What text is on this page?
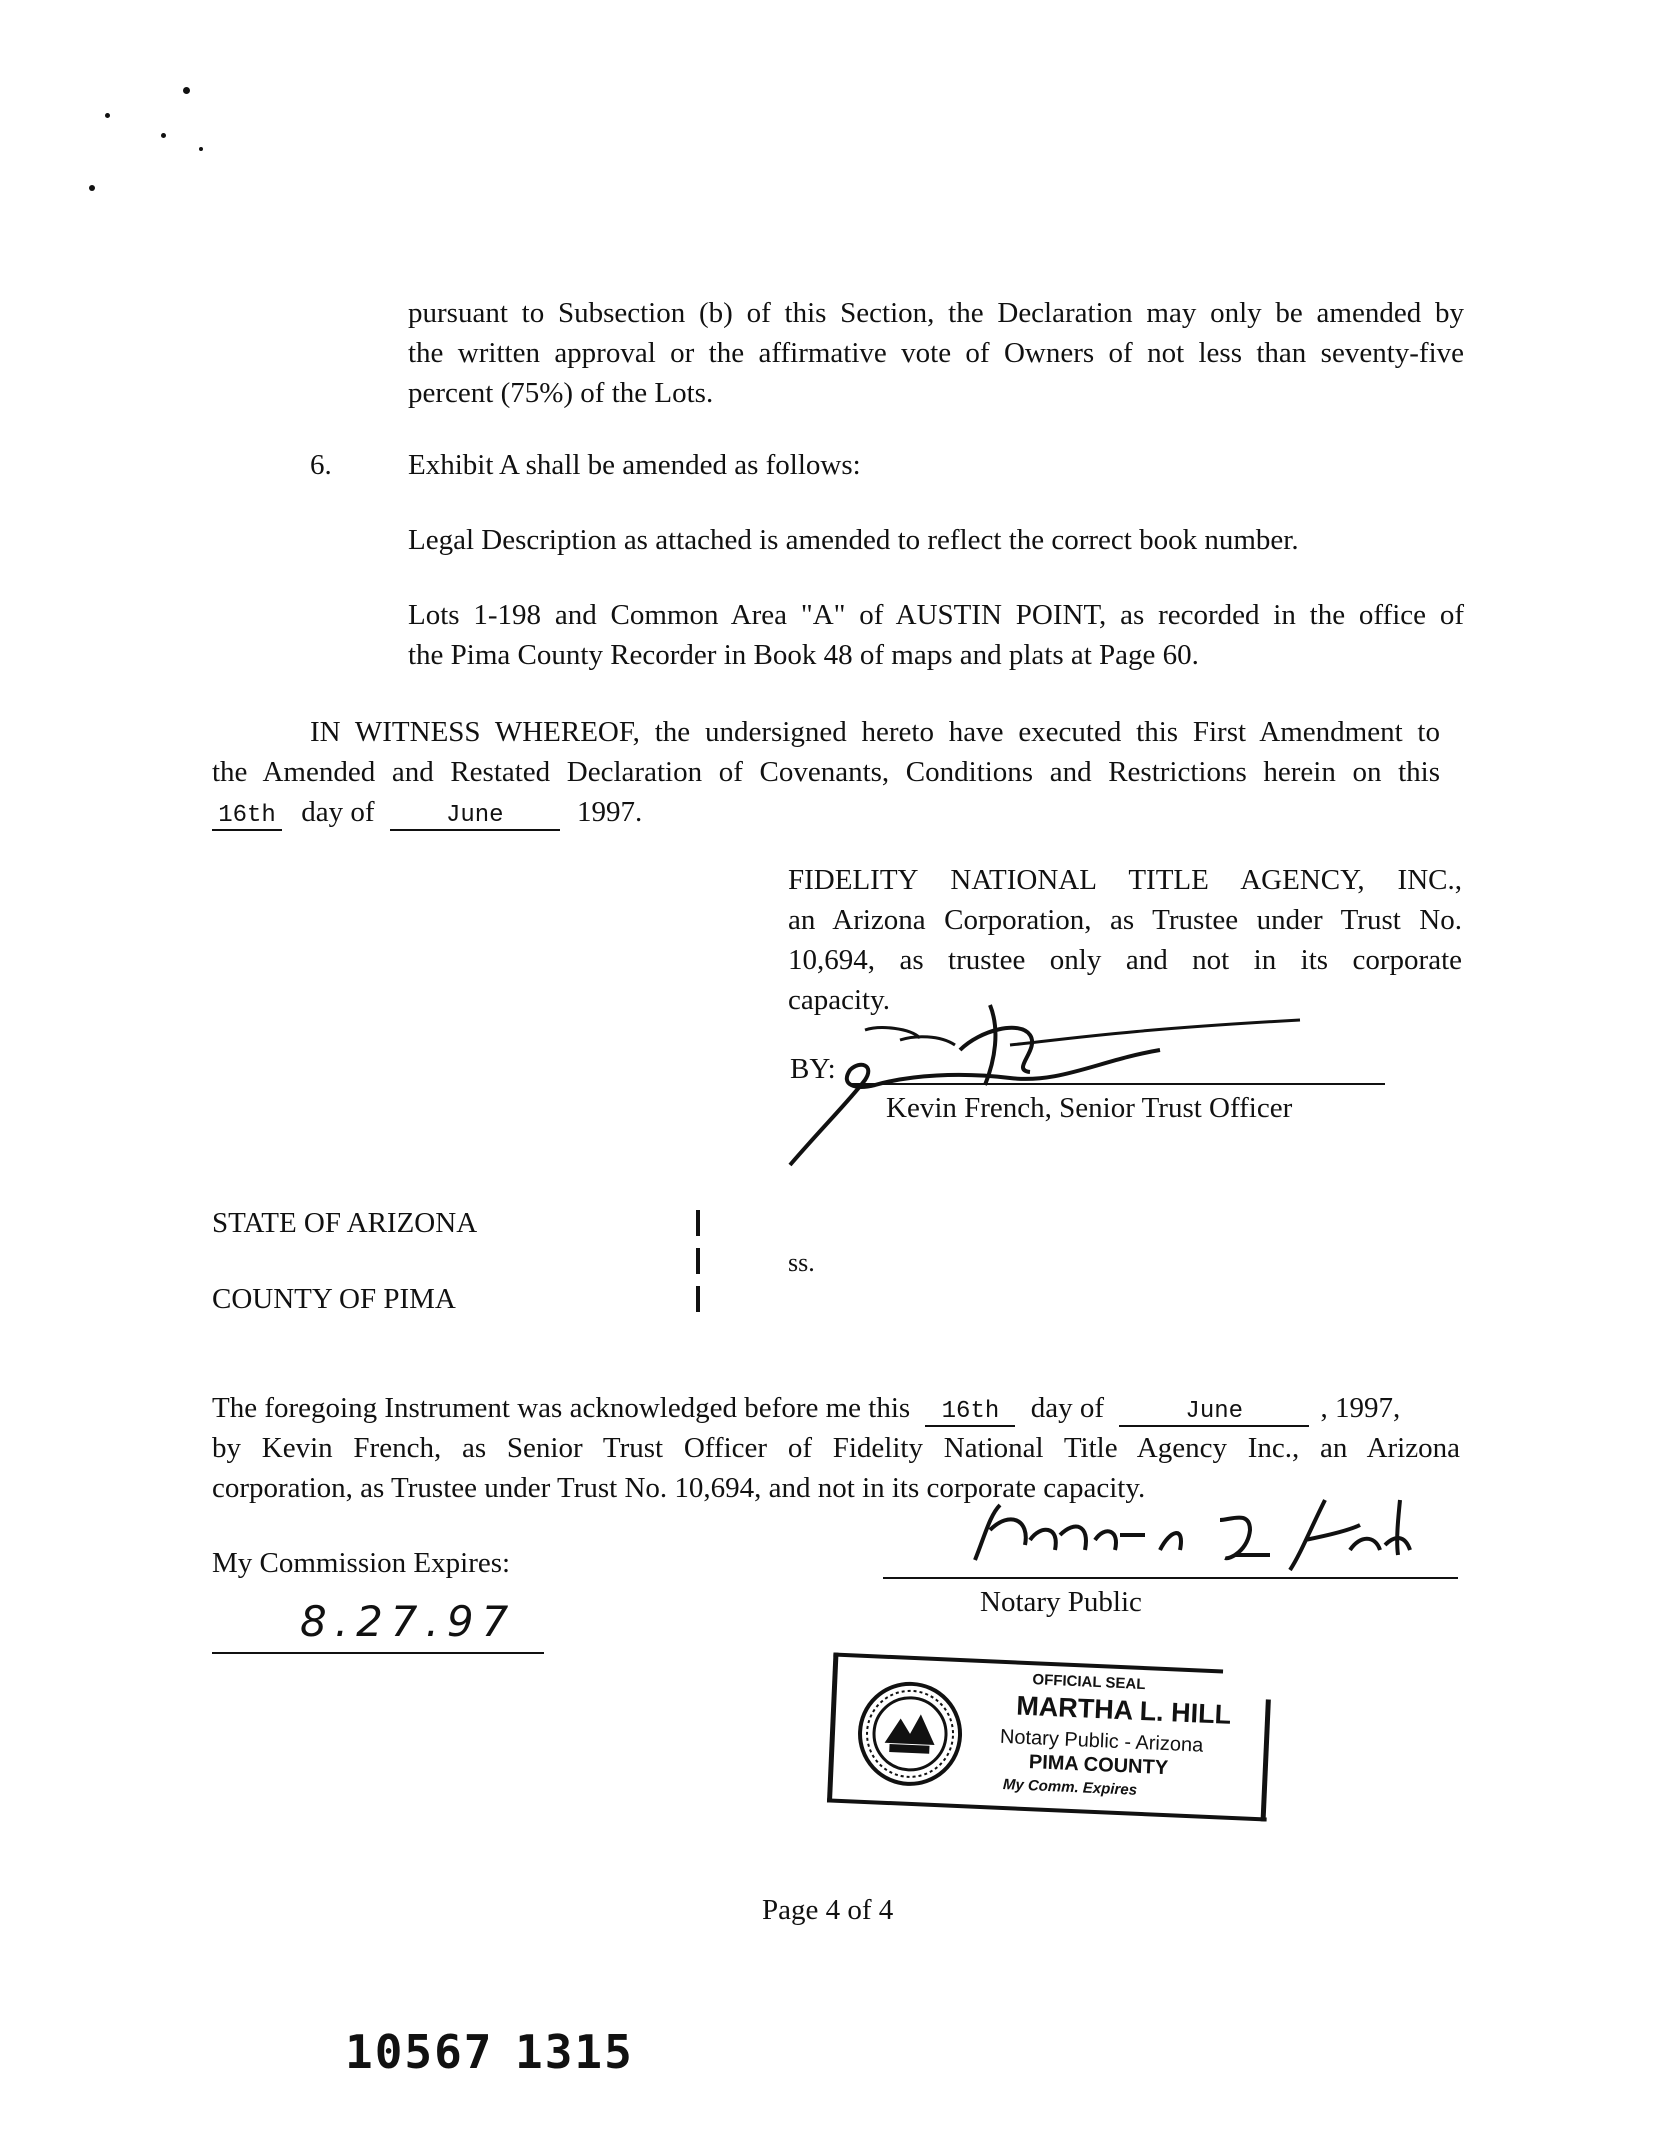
pursuant to Subsection (b) of this Section, the Declaration may only be amended by
the written approval or the affirmative vote of Owners of not less than seventy-five
percent (75%) of the Lots.
6.	Exhibit A shall be amended as follows:
Legal Description as attached is amended to reflect the correct book number.
Lots 1-198 and Common Area "A" of AUSTIN POINT, as recorded in the office of
the Pima County Recorder in Book 48 of maps and plats at Page 60.
IN WITNESS WHEREOF, the undersigned hereto have executed this First Amendment to
the Amended and Restated Declaration of Covenants, Conditions and Restrictions herein on this
16th day of	June	1997.
FIDELITY NATIONAL TITLE AGENCY, INC.,
an Arizona Corporation, as Trustee under Trust No.
10,694, as trustee only and not in its corporate
capacity.
BY:
Kevin French, Senior Trust Officer
STATE OF ARIZONA
COUNTY OF PIMA
ss.
The foregoing Instrument was acknowledged before me this 16th day of	June	, 1997,
by Kevin French, as Senior Trust Officer of Fidelity National Title Agency Inc., an Arizona
corporation, as Trustee under Trust No. 10,694, and not in its corporate capacity.
My Commission Expires:
8.27.97	Notary Public
OFFICIAL SEAL
MARTHA L. HILL
Notary Public - Arizona
PIMA COUNTY
My Comm. Expires
Page 4 of 4
10567 1315
